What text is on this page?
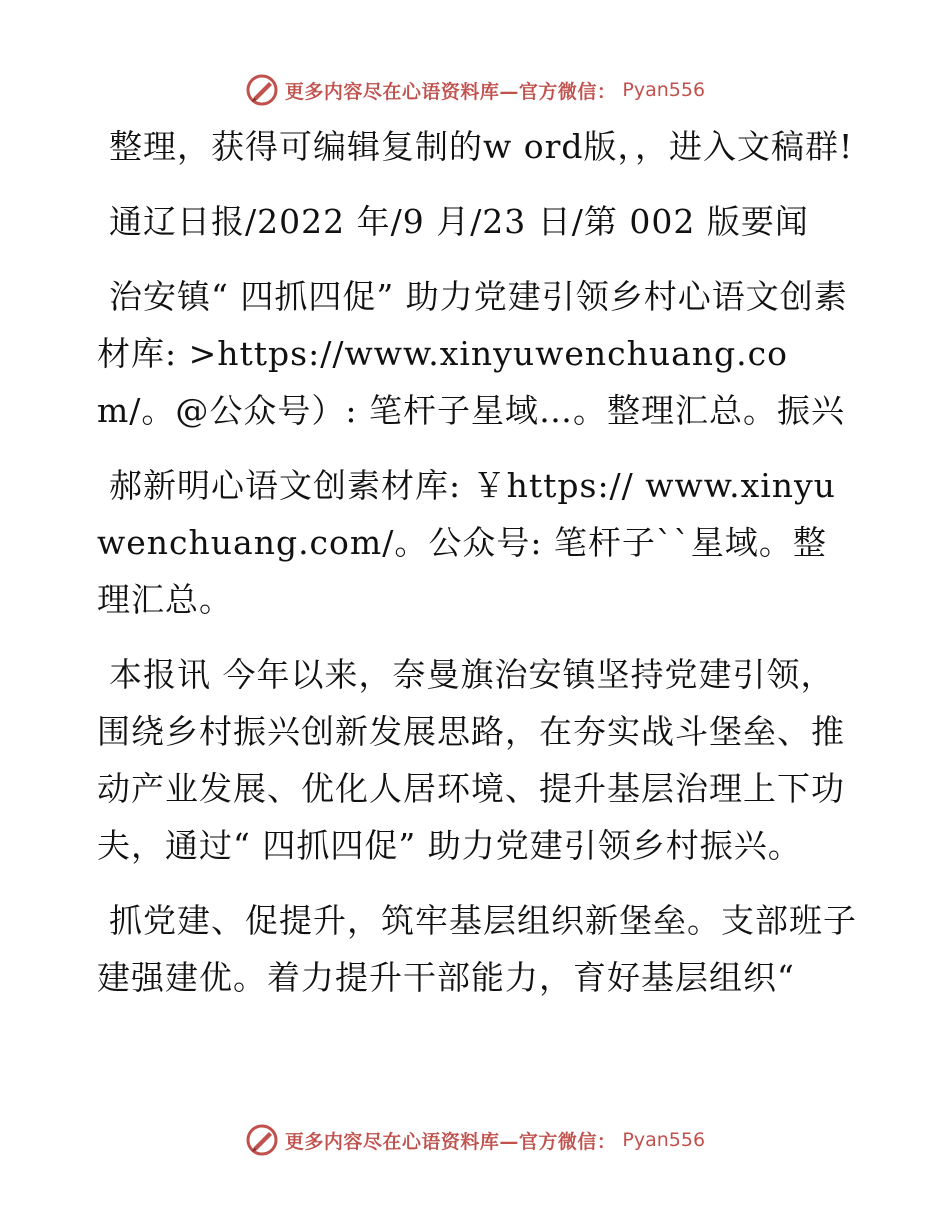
更多内容尽在心语资料库—官方微信： Pyan556

整理，获得可编辑复制的w ord版，，进入文稿群!

通辽日报/2022 年/9 月/23 日/第 002 版要闻

治安镇“ 四抓四促” 助力党建引领乡村心语文创素材库: >https://www.xinyuwenchuang.com/。@公众号）: 笔杆子星域…。整理汇总。振兴

郝新明心语文创素材库: ￥https:// www.xinyuwenchuang.com/。公众号: 笔杆子``星域。整理汇总。

本报讯 今年以来，奈曼旗治安镇坚持党建引领，围绕乡村振兴创新发展思路，在夯实战斗堡垒、推动产业发展、优化人居环境、提升基层治理上下功夫，通过“ 四抓四促” 助力党建引领乡村振兴。

抓党建、促提升，筑牢基层组织新堡垒。支部班子建强建优。着力提升干部能力，育好基层组织“

更多内容尽在心语资料库—官方微信： Pyan556
